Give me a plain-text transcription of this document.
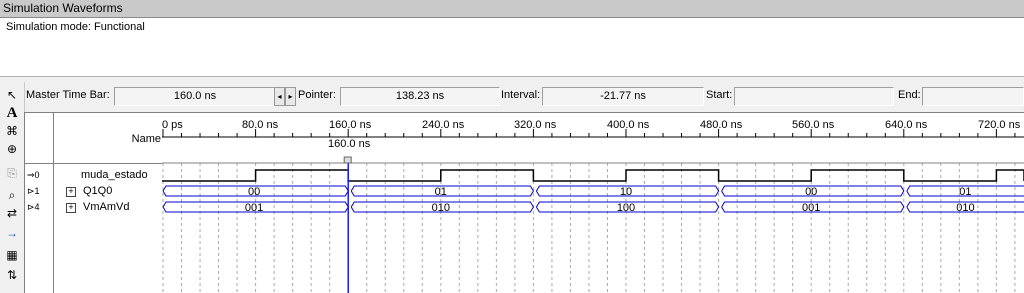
Simulation Waveforms
Simulation mode: Functional
↖
A
⌘
⊕
⎘
⌕
⇄
→
▦
⇅
Master Time Bar:	160.0 ns	◂ ▸ Pointer:	138.23 ns	Interval:	-21.77 ns	Start:	End:
Name
⇒0	muda_estado
⊳1	+ Q1Q0
⊳4	+ VmAmVd
0 ps	80.0 ns	160.0 ns	240.0 ns	320.0 ns	400.0 ns	480.0 ns	560.0 ns	640.0 ns	720.0 ns
160.0 ns
00	01	10	00	01
001	010	100	001	010
